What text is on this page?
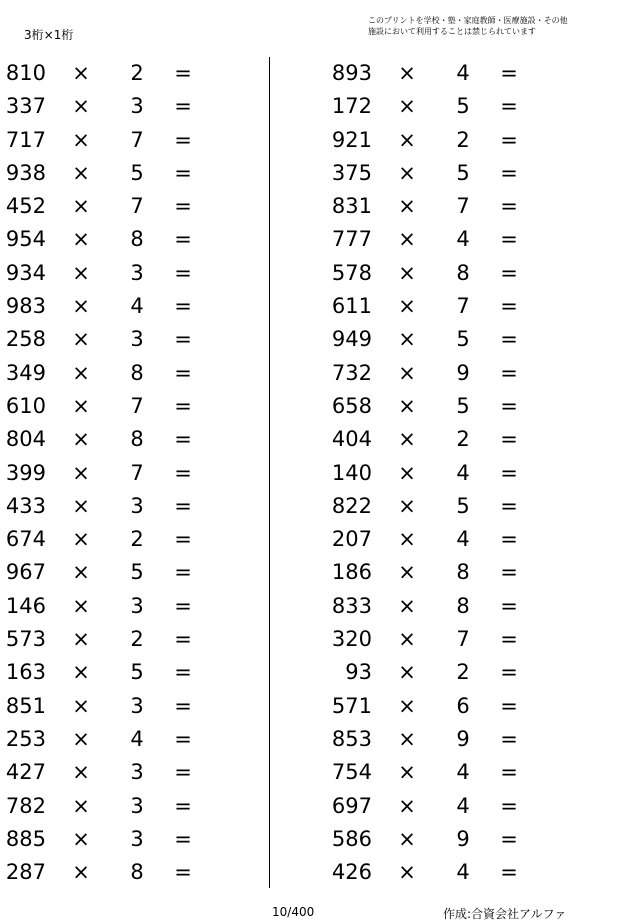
3桁×1桁
このプリントを学校・塾・家庭教師・医療施設・その他
施設において利用することは禁じられています
810 ×	2	=
337 ×	3	=
717 ×	7	=
938 ×	5	=
452 ×	7	=
954 ×	8	=
934 ×	3	=
983 ×	4	=
258 ×	3	=
349 ×	8	=
610 ×	7	=
804 ×	8	=
399 ×	7	=
433 ×	3	=
674 ×	2	=
967 ×	5	=
146 ×	3	=
573 ×	2	=
163 ×	5	=
851 ×	3	=
253 ×	4	=
427 ×	3	=
782 ×	3	=
885 ×	3	=
287 ×	8	=
893 ×	4	=
172 ×	5	=
921 ×	2	=
375 ×	5	=
831 ×	7	=
777 ×	4	=
578 ×	8	=
611 ×	7	=
949 ×	5	=
732 ×	9	=
658 ×	5	=
404 ×	2	=
140 ×	4	=
822 ×	5	=
207 ×	4	=
186 ×	8	=
833 ×	8	=
320 ×	7	=
93 ×	2	=
571 ×	6	=
853 ×	9	=
754 ×	4	=
697 ×	4	=
586 ×	9	=
426 ×	4	=
10/400	作成:合資会社アルファ
